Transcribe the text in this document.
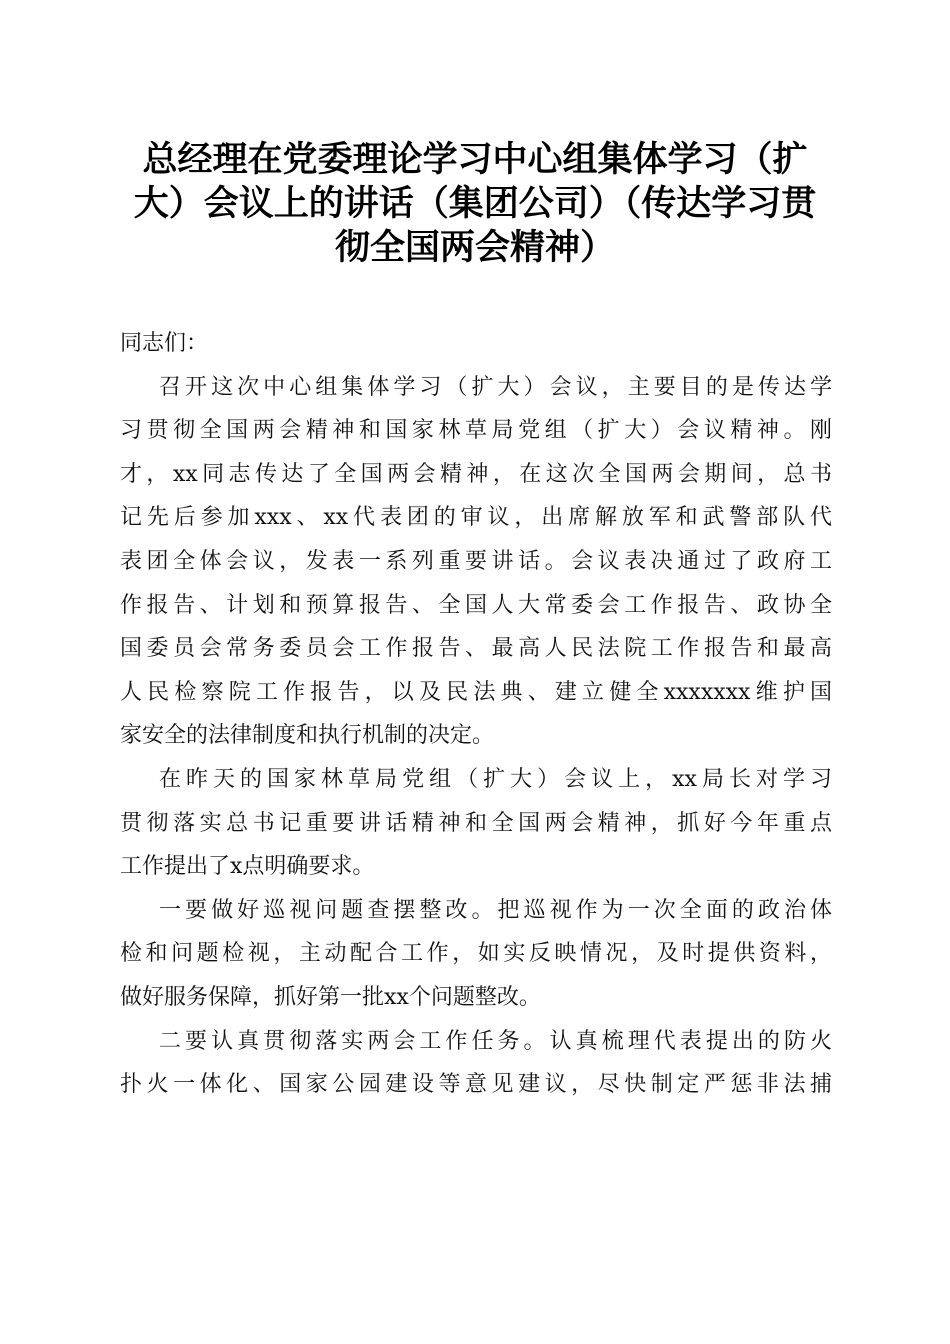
总经理在党委理论学习中心组集体学习（扩
大）会议上的讲话（集团公司）（传达学习贯
彻全国两会精神）
同志们：
召开这次中心组集体学习（扩大）会议，主要目的是传达学
习贯彻全国两会精神和国家林草局党组（扩大）会议精神。刚
才，xx同志传达了全国两会精神，在这次全国两会期间，总书
记先后参加xxx、xx代表团的审议，出席解放军和武警部队代
表团全体会议，发表一系列重要讲话。会议表决通过了政府工
作报告、计划和预算报告、全国人大常委会工作报告、政协全
国委员会常务委员会工作报告、最高人民法院工作报告和最高
人民检察院工作报告，以及民法典、建立健全xxxxxxx维护国
家安全的法律制度和执行机制的决定。
在昨天的国家林草局党组（扩大）会议上，xx局长对学习
贯彻落实总书记重要讲话精神和全国两会精神，抓好今年重点
工作提出了x点明确要求。
一要做好巡视问题查摆整改。把巡视作为一次全面的政治体
检和问题检视，主动配合工作，如实反映情况，及时提供资料，
做好服务保障，抓好第一批xx个问题整改。
二要认真贯彻落实两会工作任务。认真梳理代表提出的防火
扑火一体化、国家公园建设等意见建议，尽快制定严惩非法捕
